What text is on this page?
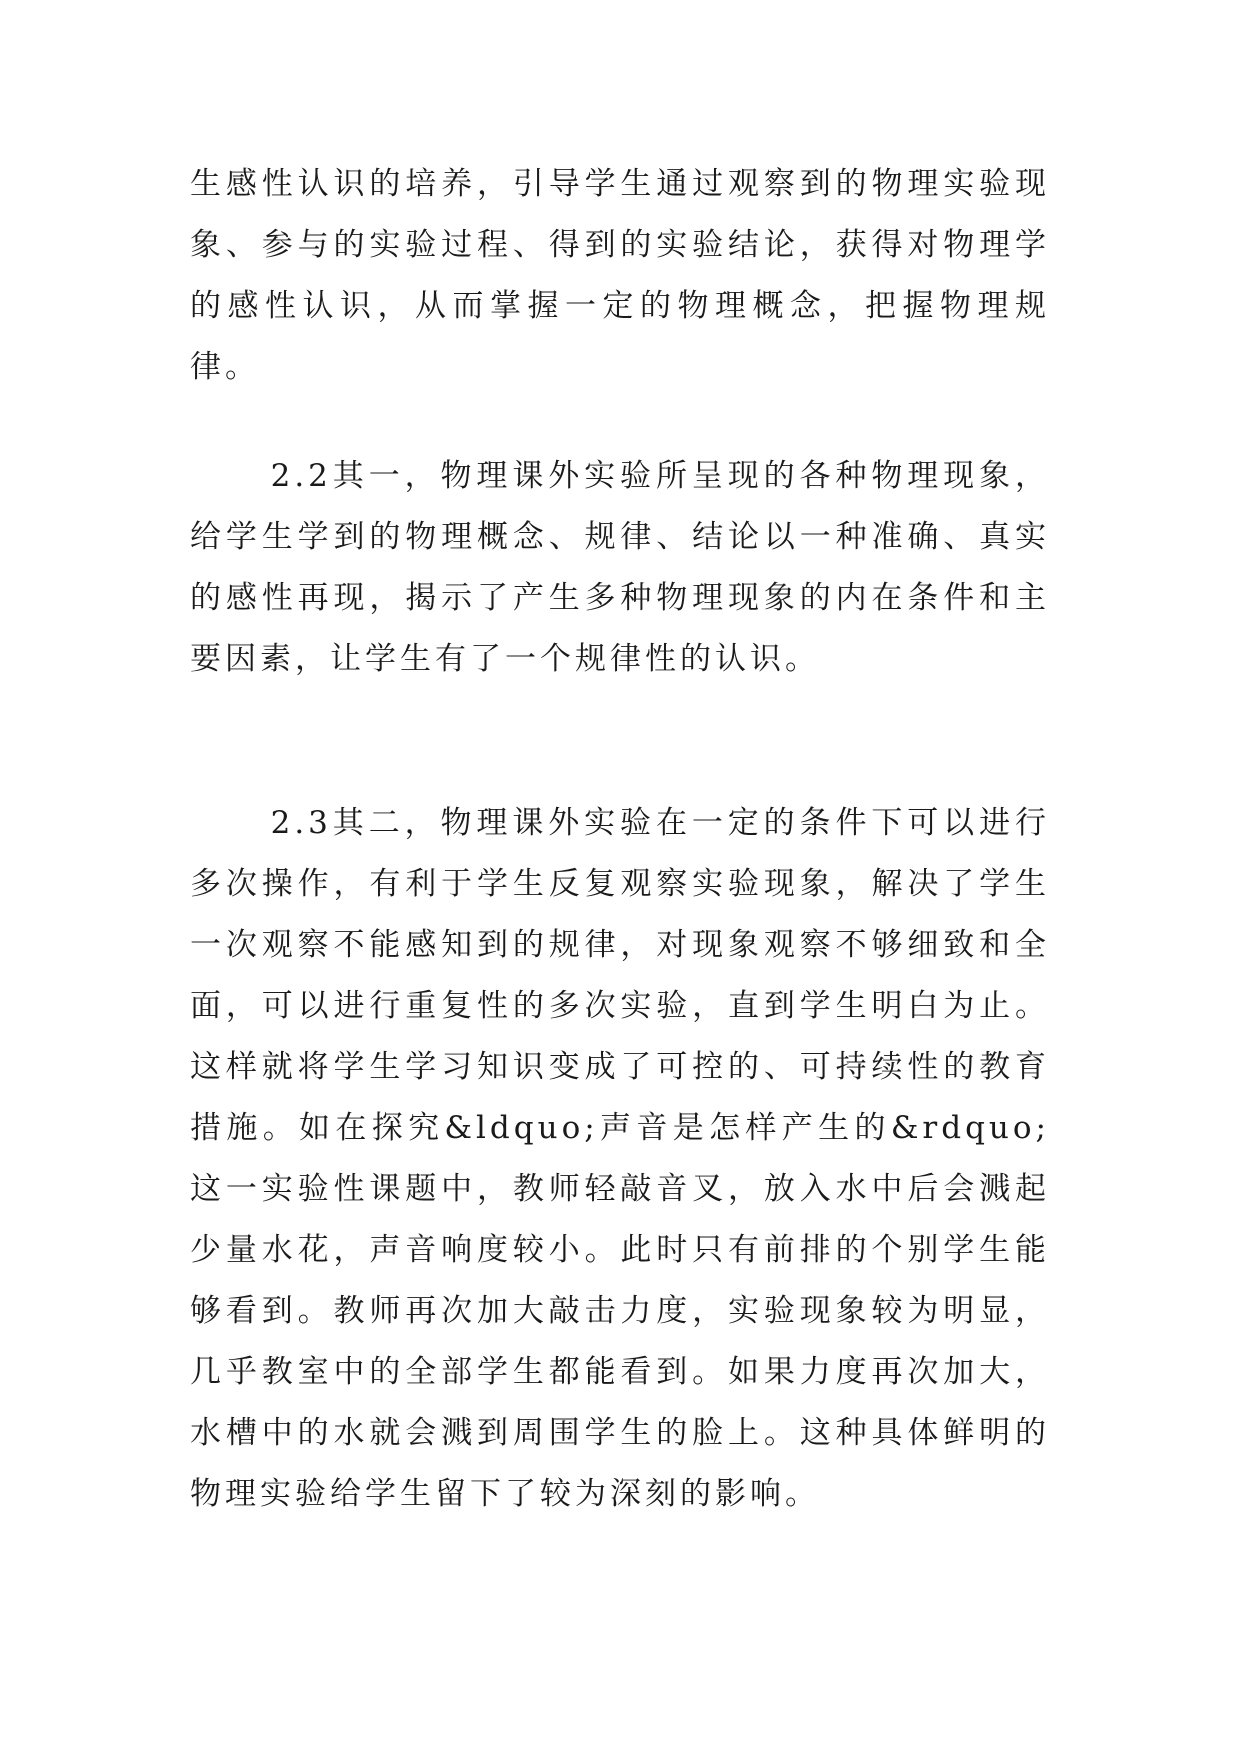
生感性认识的培养，引导学生通过观察到的物理实验现象、参与的实验过程、得到的实验结论，获得对物理学的感性认识，从而掌握一定的物理概念，把握物理规律。

2.2其一，物理课外实验所呈现的各种物理现象，给学生学到的物理概念、规律、结论以一种准确、真实的感性再现，揭示了产生多种物理现象的内在条件和主要因素，让学生有了一个规律性的认识。

2.3其二，物理课外实验在一定的条件下可以进行多次操作，有利于学生反复观察实验现象，解决了学生一次观察不能感知到的规律，对现象观察不够细致和全面，可以进行重复性的多次实验，直到学生明白为止。这样就将学生学习知识变成了可控的、可持续性的教育措施。如在探究&ldquo;声音是怎样产生的&rdquo;这一实验性课题中，教师轻敲音叉，放入水中后会溅起少量水花，声音响度较小。此时只有前排的个别学生能够看到。教师再次加大敲击力度，实验现象较为明显，几乎教室中的全部学生都能看到。如果力度再次加大，水槽中的水就会溅到周围学生的脸上。这种具体鲜明的物理实验给学生留下了较为深刻的影响。
